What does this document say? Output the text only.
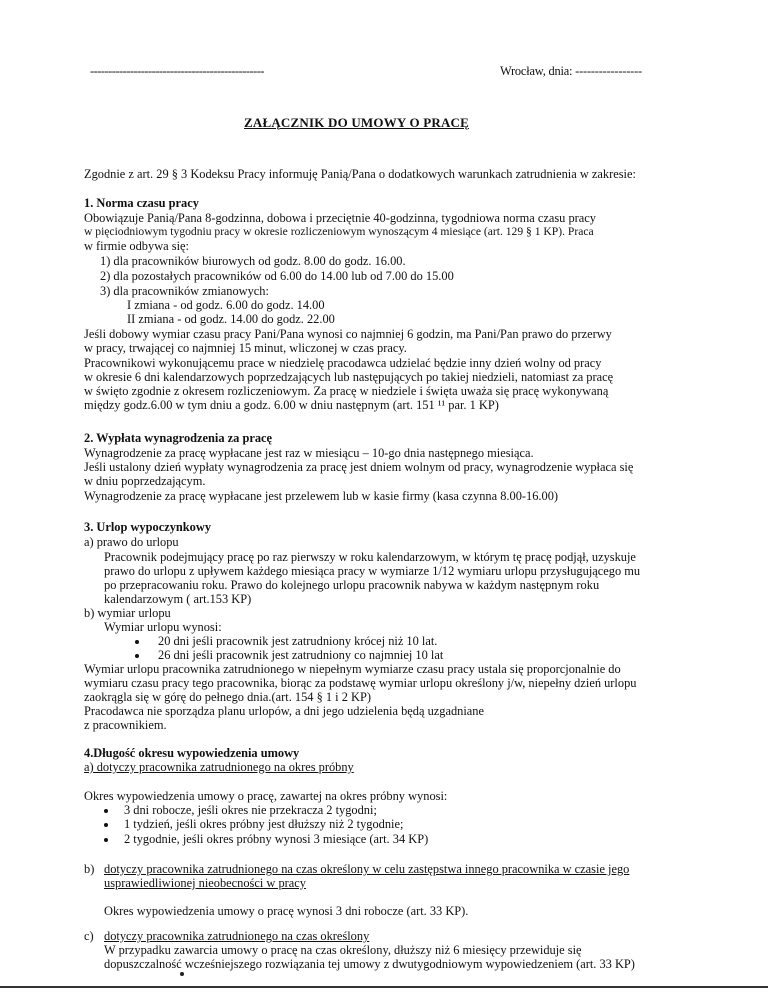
------------------------------------------------	Wrocław, dnia: -----------------
ZAŁĄCZNIK DO UMOWY O PRACĘ
Zgodnie z art. 29 § 3 Kodeksu Pracy informuję Panią/Pana o dodatkowych warunkach zatrudnienia w zakresie:
1. Norma czasu pracy
Obowiązuje Panią/Pana 8-godzinna, dobowa i przeciętnie 40-godzinna, tygodniowa norma czasu pracy
w pięciodniowym tygodniu pracy w okresie rozliczeniowym wynoszącym 4 miesiące (art. 129 § 1 KP). Praca
w firmie odbywa się:
1) dla pracowników biurowych od godz. 8.00 do godz. 16.00.
2) dla pozostałych pracowników od 6.00 do 14.00 lub od 7.00 do 15.00
3) dla pracowników zmianowych:
I zmiana - od godz. 6.00 do godz. 14.00
II zmiana - od godz. 14.00 do godz. 22.00
Jeśli dobowy wymiar czasu pracy Pani/Pana wynosi co najmniej 6 godzin, ma Pani/Pan prawo do przerwy
w pracy, trwającej co najmniej 15 minut, wliczonej w czas pracy.
Pracownikowi wykonującemu prace w niedzielę pracodawca udzielać będzie inny dzień wolny od pracy
w okresie 6 dni kalendarzowych poprzedzających lub następujących po takiej niedzieli, natomiast za pracę
w święto zgodnie z okresem rozliczeniowym. Za pracę w niedziele i święta uważa się pracę wykonywaną
między godz.6.00 w tym dniu a godz. 6.00 w dniu następnym (art. 151 ¹¹ par. 1 KP)
2. Wypłata wynagrodzenia za pracę
Wynagrodzenie za pracę wypłacane jest raz w miesiącu – 10-go dnia następnego miesiąca.
Jeśli ustalony dzień wypłaty wynagrodzenia za pracę jest dniem wolnym od pracy, wynagrodzenie wypłaca się
w dniu poprzedzającym.
Wynagrodzenie za pracę wypłacane jest przelewem lub w kasie firmy (kasa czynna 8.00-16.00)
3. Urlop wypoczynkowy
a) prawo do urlopu
Pracownik podejmujący pracę po raz pierwszy w roku kalendarzowym, w którym tę pracę podjął, uzyskuje
prawo do urlopu z upływem każdego miesiąca pracy w wymiarze 1/12 wymiaru urlopu przysługującego mu
po przepracowaniu roku. Prawo do kolejnego urlopu pracownik nabywa w każdym następnym roku
kalendarzowym ( art.153 KP)
b) wymiar urlopu
Wymiar urlopu wynosi:
20 dni jeśli pracownik jest zatrudniony krócej niż 10 lat.
26 dni jeśli pracownik jest zatrudniony co najmniej 10 lat
Wymiar urlopu pracownika zatrudnionego w niepełnym wymiarze czasu pracy ustala się proporcjonalnie do
wymiaru czasu pracy tego pracownika, biorąc za podstawę wymiar urlopu określony j/w, niepełny dzień urlopu
zaokrągla się w górę do pełnego dnia.(art. 154 § 1 i 2 KP)
Pracodawca nie sporządza planu urlopów, a dni jego udzielenia będą uzgadniane
z pracownikiem.
4.Długość okresu wypowiedzenia umowy
a) dotyczy pracownika zatrudnionego na okres próbny
Okres wypowiedzenia umowy o pracę, zawartej na okres próbny wynosi:
3 dni robocze, jeśli okres nie przekracza 2 tygodni;
1 tydzień, jeśli okres próbny jest dłuższy niż 2 tygodnie;
2 tygodnie, jeśli okres próbny wynosi 3 miesiące (art. 34 KP)
b) dotyczy pracownika zatrudnionego na czas określony w celu zastępstwa innego pracownika w czasie jego
usprawiedliwionej nieobecności w pracy
Okres wypowiedzenia umowy o pracę wynosi 3 dni robocze (art. 33 KP).
c) dotyczy pracownika zatrudnionego na czas określony
W przypadku zawarcia umowy o pracę na czas określony, dłuższy niż 6 miesięcy przewiduje się
dopuszczalność wcześniejszego rozwiązania tej umowy z dwutygodniowym wypowiedzeniem (art. 33 KP)
